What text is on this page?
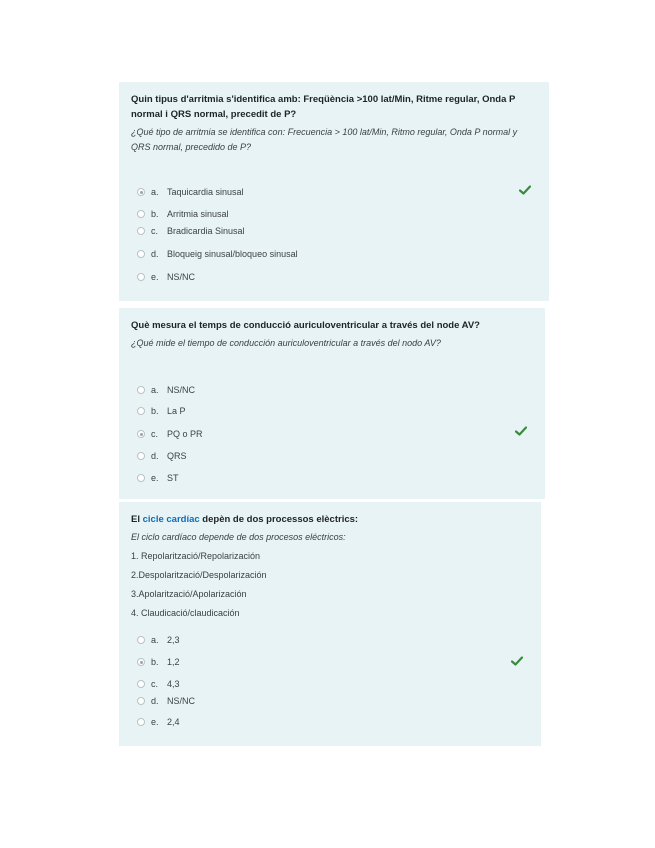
Quin tipus d'arritmia s'identifica amb: Freqüència >100 lat/Min, Ritme regular, Onda P normal i QRS normal, precedit de P?

¿Qué tipo de arritmia se identifica con: Frecuencia > 100 lat/Min, Ritmo regular, Onda P normal y QRS normal, precedido de P?

a. Taquicardia sinusal
b. Arritmia sinusal
c. Bradicardia Sinusal
d. Bloqueig sinusal/bloqueo sinusal
e. NS/NC

Què mesura el temps de conducció auriculoventricular a través del node AV?

¿Qué mide el tiempo de conducción auriculoventricular a través del nodo AV?

a. NS/NC
b. La P
c. PQ o PR
d. QRS
e. ST

El cicle cardíac depèn de dos processos elèctrics:

El ciclo cardíaco depende de dos procesos eléctricos:

1. Repolarització/Repolarización

2.Despolarització/Despolarización

3.Apolarització/Apolarización

4. Claudicació/claudicación

a. 2,3
b. 1,2
c. 4,3
d. NS/NC
e. 2,4
